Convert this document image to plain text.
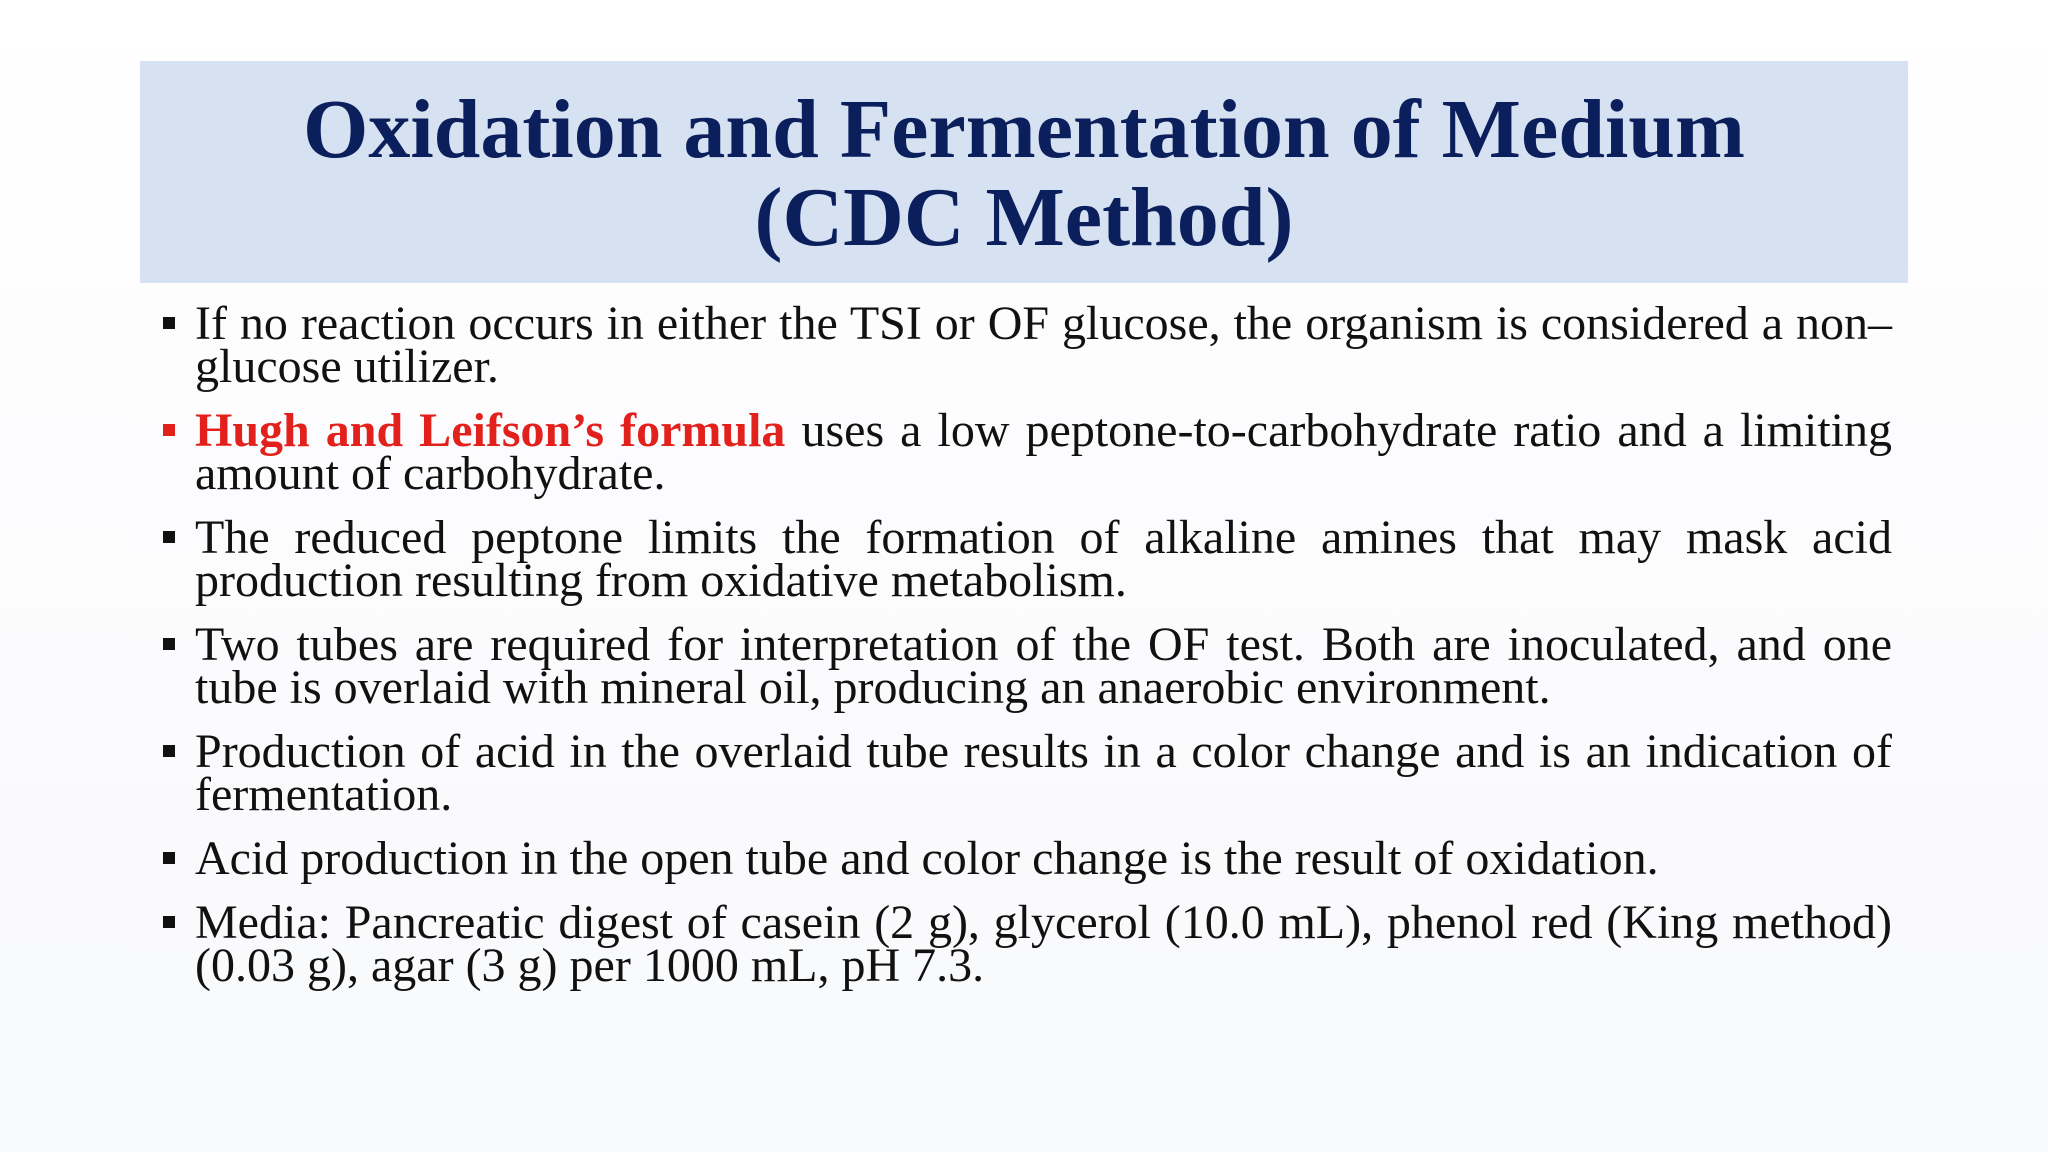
Oxidation and Fermentation of Medium
(CDC Method)
If no reaction occurs in either the TSI or OF glucose, the organism is considered a non–glucose utilizer.
Hugh and Leifson’s formula uses a low peptone-to-carbohydrate ratio and a limiting amount of carbohydrate.
The reduced peptone limits the formation of alkaline amines that may mask acid production resulting from oxidative metabolism.
Two tubes are required for interpretation of the OF test. Both are inoculated, and one tube is overlaid with mineral oil, producing an anaerobic environment.
Production of acid in the overlaid tube results in a color change and is an indication of fermentation.
Acid production in the open tube and color change is the result of oxidation.
Media: Pancreatic digest of casein (2 g), glycerol (10.0 mL), phenol red (King method) (0.03 g), agar (3 g) per 1000 mL, pH 7.3.
